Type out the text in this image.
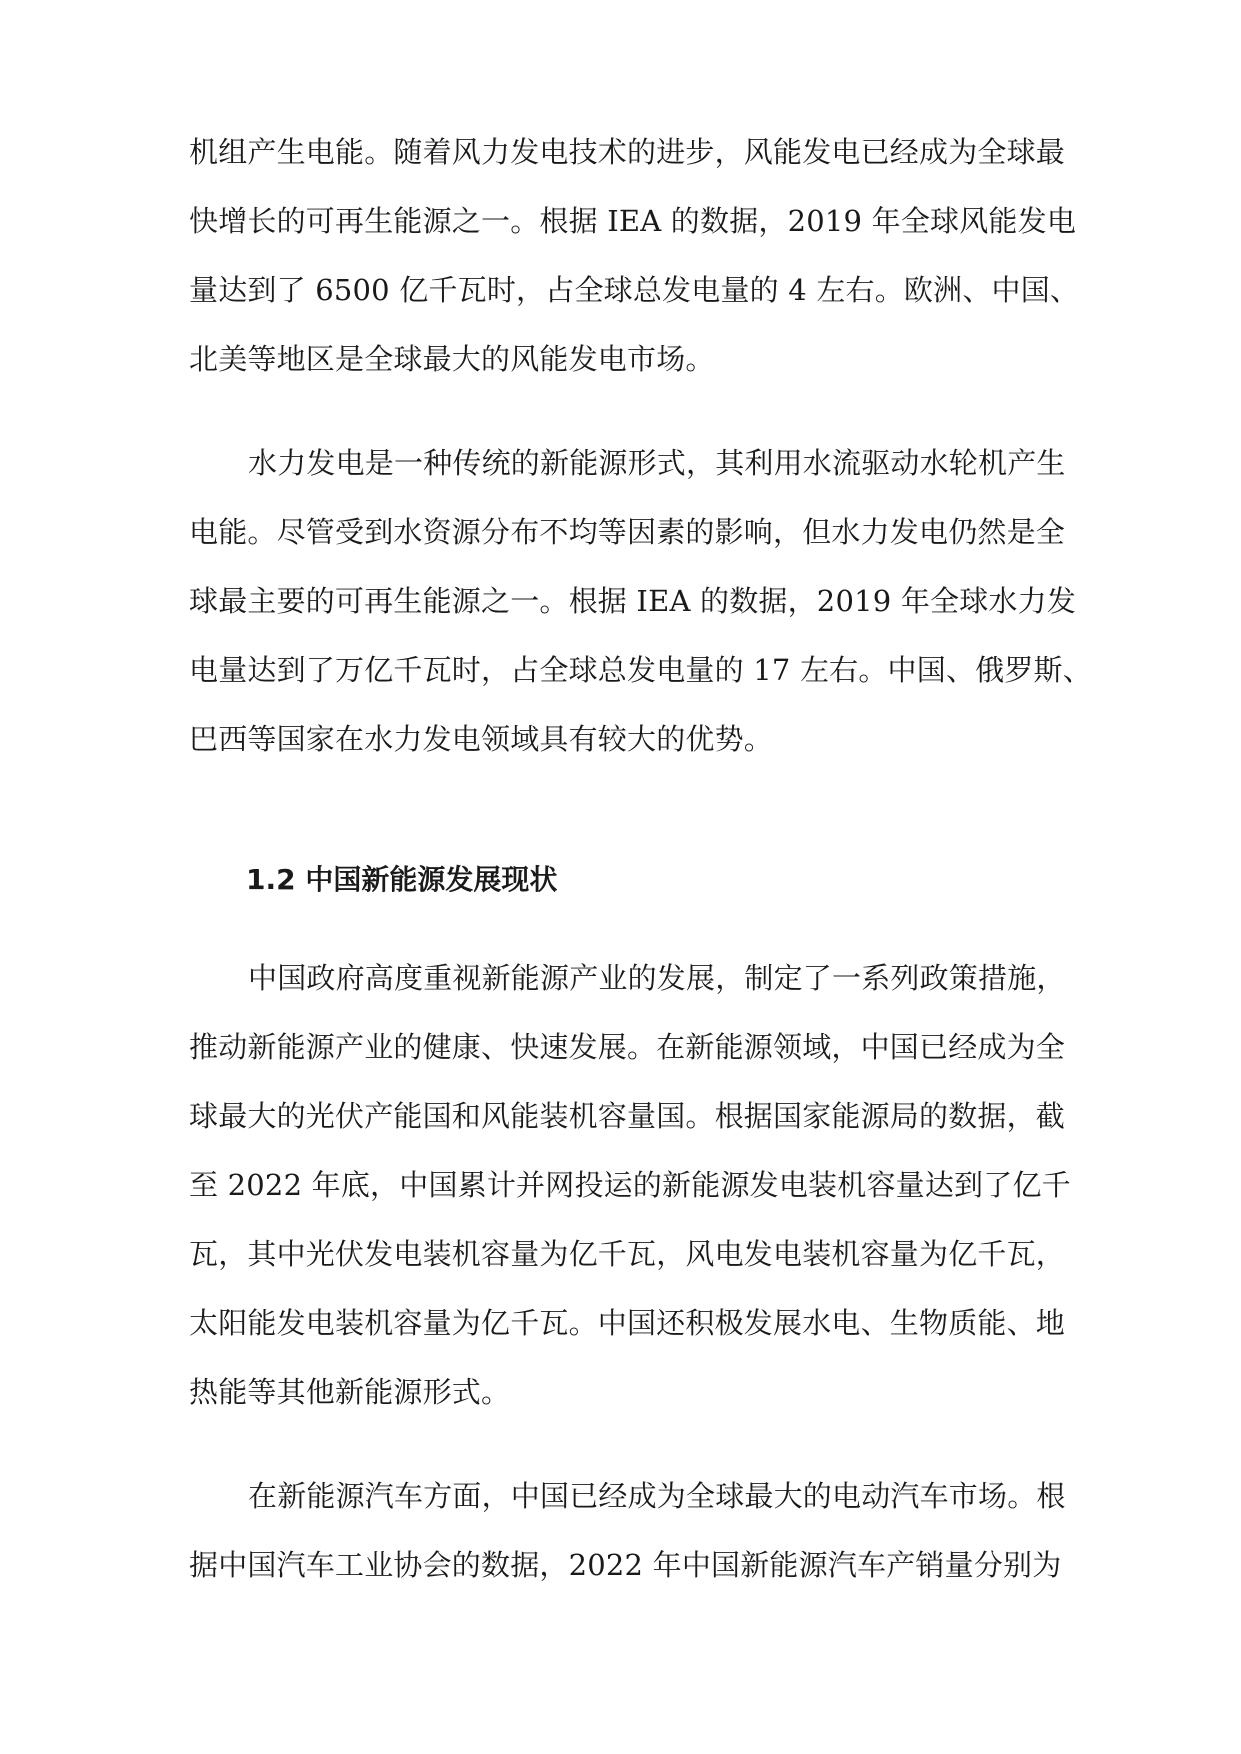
机组产生电能。随着风力发电技术的进步，风能发电已经成为全球最
快增长的可再生能源之一。根据 IEA 的数据，2019 年全球风能发电
量达到了 6500 亿千瓦时，占全球总发电量的 4 左右。欧洲、中国、
北美等地区是全球最大的风能发电市场。
水力发电是一种传统的新能源形式，其利用水流驱动水轮机产生
电能。尽管受到水资源分布不均等因素的影响，但水力发电仍然是全
球最主要的可再生能源之一。根据 IEA 的数据，2019 年全球水力发
电量达到了万亿千瓦时，占全球总发电量的 17 左右。中国、俄罗斯、
巴西等国家在水力发电领域具有较大的优势。
1.2 中国新能源发展现状
中国政府高度重视新能源产业的发展，制定了一系列政策措施，
推动新能源产业的健康、快速发展。在新能源领域，中国已经成为全
球最大的光伏产能国和风能装机容量国。根据国家能源局的数据，截
至 2022 年底，中国累计并网投运的新能源发电装机容量达到了亿千
瓦，其中光伏发电装机容量为亿千瓦，风电发电装机容量为亿千瓦，
太阳能发电装机容量为亿千瓦。中国还积极发展水电、生物质能、地
热能等其他新能源形式。
在新能源汽车方面，中国已经成为全球最大的电动汽车市场。根
据中国汽车工业协会的数据，2022 年中国新能源汽车产销量分别为
